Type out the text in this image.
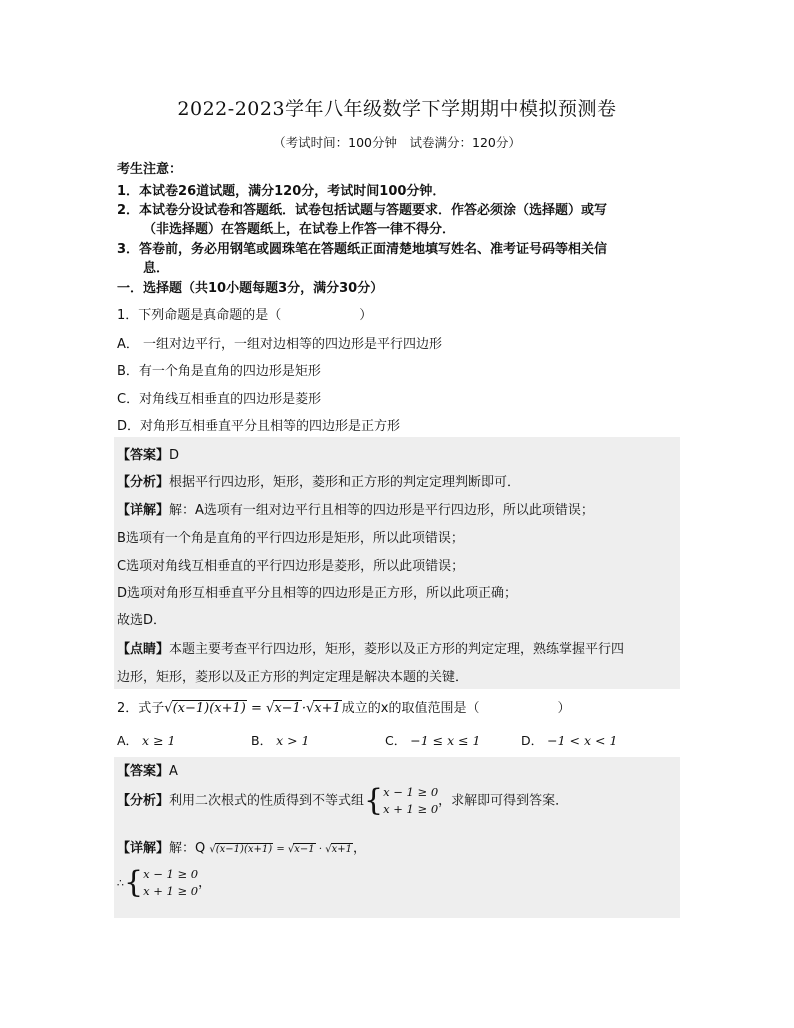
2022-2023学年八年级数学下学期期中模拟预测卷
（考试时间：100分钟　试卷满分：120分）
考生注意：
1．本试卷26道试题，满分120分，考试时间100分钟．
2．本试卷分设试卷和答题纸．试卷包括试题与答题要求．作答必须涂（选择题）或写
（非选择题）在答题纸上，在试卷上作答一律不得分．
3．答卷前，务必用钢笔或圆珠笔在答题纸正面清楚地填写姓名、准考证号码等相关信
息．
一．选择题（共10小题每题3分，满分30分）
1．下列命题是真命题的是（　　　　　　）
A． 一组对边平行，一组对边相等的四边形是平行四边形
B．有一个角是直角的四边形是矩形
C．对角线互相垂直的四边形是菱形
D．对角形互相垂直平分且相等的四边形是正方形
【答案】D
【分析】根据平行四边形，矩形，菱形和正方形的判定定理判断即可．
【详解】解：A选项有一组对边平行且相等的四边形是平行四边形，所以此项错误；
B选项有一个角是直角的平行四边形是矩形，所以此项错误；
C选项对角线互相垂直的平行四边形是菱形，所以此项错误；
D选项对角形互相垂直平分且相等的四边形是正方形，所以此项正确；
故选D．
【点睛】本题主要考查平行四边形，矩形，菱形以及正方形的判定定理，熟练掌握平行四
边形，矩形，菱形以及正方形的判定定理是解决本题的关键．
2．式子√(x−1)(x+1) = √x−1·√x+1成立的x的取值范围是（　　　　　　）
A． x ≥ 1	B． x > 1	C． −1 ≤ x ≤ 1	D． −1 < x < 1
【答案】A
【分析】利用二次根式的性质得到不等式组{ x − 1 ≥ 0
x + 1 ≥ 0
，求解即可得到答案．
【详解】解：Q √(x−1)(x+1) = √x−1 · √x+1，
∴{ x − 1 ≥ 0
x + 1 ≥ 0
，
